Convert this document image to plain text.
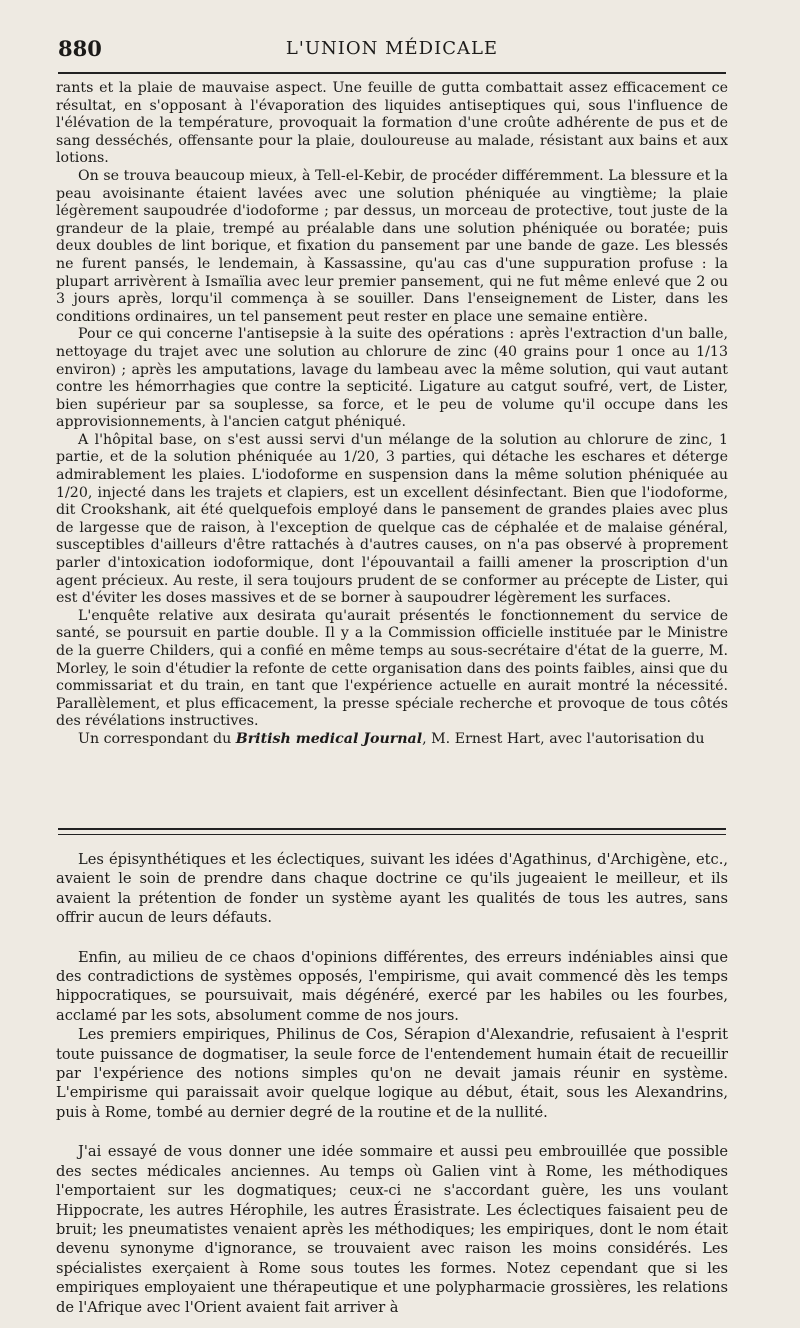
880	L'UNION MÉDICALE

rants et la plaie de mauvaise aspect. Une feuille de gutta combattait assez efficacement ce résultat, en s'opposant à l'évaporation des liquides antiseptiques qui, sous l'influence de l'élévation de la température, provoquait la formation d'une croûte adhérente de pus et de sang desséchés, offensante pour la plaie, douloureuse au malade, résistant aux bains et aux lotions.

On se trouva beaucoup mieux, à Tell-el-Kebir, de procéder différemment. La blessure et la peau avoisinante étaient lavées avec une solution phéniquée au vingtième; la plaie légèrement saupoudrée d'iodoforme ; par dessus, un morceau de protective, tout juste de la grandeur de la plaie, trempé au préalable dans une solution phéniquée ou boratée; puis deux doubles de lint borique, et fixation du pansement par une bande de gaze. Les blessés ne furent pansés, le lendemain, à Kassassine, qu'au cas d'une suppuration profuse : la plupart arrivèrent à Ismaïlia avec leur premier pansement, qui ne fut même enlevé que 2 ou 3 jours après, lorqu'il commença à se souiller. Dans l'enseignement de Lister, dans les conditions ordinaires, un tel pansement peut rester en place une semaine entière.

Pour ce qui concerne l'antisepsie à la suite des opérations : après l'extraction d'un balle, nettoyage du trajet avec une solution au chlorure de zinc (40 grains pour 1 once au 1/13 environ) ; après les amputations, lavage du lambeau avec la même solution, qui vaut autant contre les hémorrhagies que contre la septicité. Ligature au catgut soufré, vert, de Lister, bien supérieur par sa souplesse, sa force, et le peu de volume qu'il occupe dans les approvisionnements, à l'ancien catgut phéniqué.

A l'hôpital base, on s'est aussi servi d'un mélange de la solution au chlorure de zinc, 1 partie, et de la solution phéniquée au 1/20, 3 parties, qui détache les eschares et déterge admirablement les plaies. L'iodoforme en suspension dans la même solution phéniquée au 1/20, injecté dans les trajets et clapiers, est un excellent désinfectant. Bien que l'iodoforme, dit Crookshank, ait été quelquefois employé dans le pansement de grandes plaies avec plus de largesse que de raison, à l'exception de quelque cas de céphalée et de malaise général, susceptibles d'ailleurs d'être rattachés à d'autres causes, on n'a pas observé à proprement parler d'intoxication iodoformique, dont l'épouvantail a failli amener la proscription d'un agent précieux. Au reste, il sera toujours prudent de se conformer au précepte de Lister, qui est d'éviter les doses massives et de se borner à saupoudrer légèrement les surfaces.

L'enquête relative aux desirata qu'aurait présentés le fonctionnement du service de santé, se poursuit en partie double. Il y a la Commission officielle instituée par le Ministre de la guerre Childers, qui a confié en même temps au sous-secrétaire d'état de la guerre, M. Morley, le soin d'étudier la refonte de cette organisation dans des points faibles, ainsi que du commissariat et du train, en tant que l'expérience actuelle en aurait montré la nécessité. Parallèlement, et plus efficacement, la presse spéciale recherche et provoque de tous côtés des révélations instructives.

Un correspondant du British medical Journal, M. Ernest Hart, avec l'autorisation du

Les épisynthétiques et les éclectiques, suivant les idées d'Agathinus, d'Archigène, etc., avaient le soin de prendre dans chaque doctrine ce qu'ils jugeaient le meilleur, et ils avaient la prétention de fonder un système ayant les qualités de tous les autres, sans offrir aucun de leurs défauts.

Enfin, au milieu de ce chaos d'opinions différentes, des erreurs indéniables ainsi que des contradictions de systèmes opposés, l'empirisme, qui avait commencé dès les temps hippocratiques, se poursuivait, mais dégénéré, exercé par les habiles ou les fourbes, acclamé par les sots, absolument comme de nos jours.

Les premiers empiriques, Philinus de Cos, Sérapion d'Alexandrie, refusaient à l'esprit toute puissance de dogmatiser, la seule force de l'entendement humain était de recueillir par l'expérience des notions simples qu'on ne devait jamais réunir en système. L'empirisme qui paraissait avoir quelque logique au début, était, sous les Alexandrins, puis à Rome, tombé au dernier degré de la routine et de la nullité.

J'ai essayé de vous donner une idée sommaire et aussi peu embrouillée que possible des sectes médicales anciennes. Au temps où Galien vint à Rome, les méthodiques l'emportaient sur les dogmatiques; ceux-ci ne s'accordant guère, les uns voulant Hippocrate, les autres Hérophile, les autres Érasistrate. Les éclectiques faisaient peu de bruit; les pneumatistes venaient après les méthodiques; les empiriques, dont le nom était devenu synonyme d'ignorance, se trouvaient avec raison les moins considérés. Les spécialistes exerçaient à Rome sous toutes les formes. Notez cependant que si les empiriques employaient une thérapeutique et une polypharmacie grossières, les relations de l'Afrique avec l'Orient avaient fait arriver à
